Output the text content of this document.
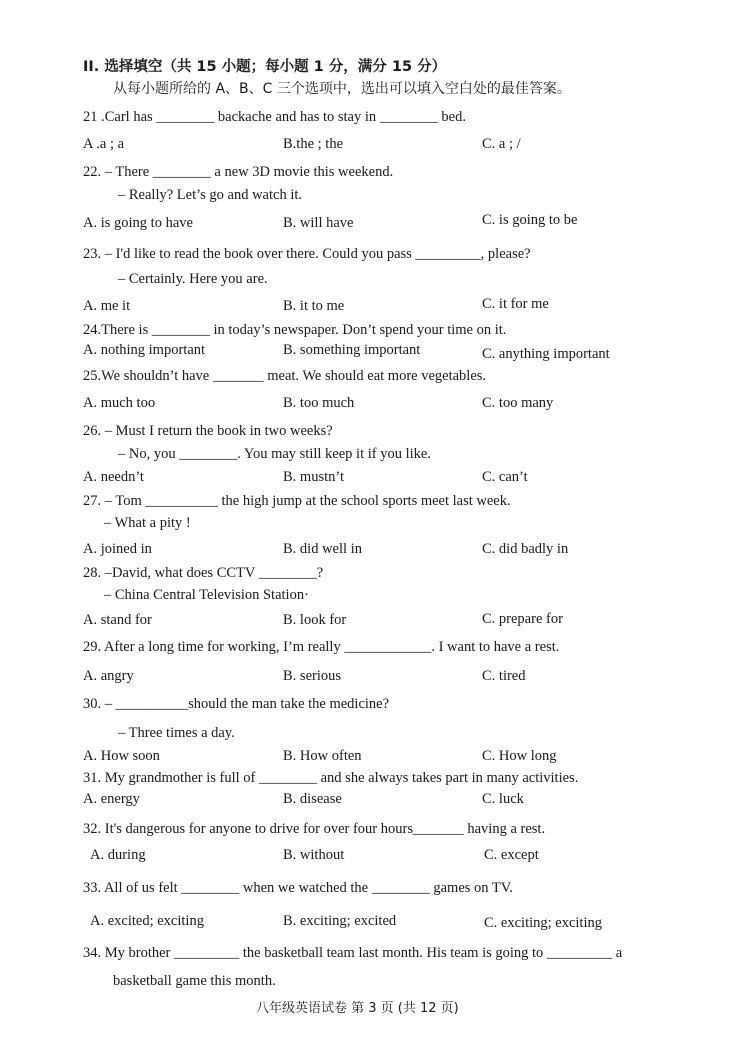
II. 选择填空（共 15 小题；每小题 1 分，满分 15 分）
从每小题所给的 A、B、C 三个选项中，选出可以填入空白处的最佳答案。
21 .Carl has ________ backache and has to stay in ________ bed.
A .a ; a	B.the ; the	C. a ; /
22. – There ________ a new 3D movie this weekend.
– Really? Let’s go and watch it.
A. is going to have	B. will have	C. is going to be
23. – I'd like to read the book over there. Could you pass _________, please?
– Certainly. Here you are.
A. me it	B. it to me	C. it for me
24.There is ________ in today’s newspaper. Don’t spend your time on it.
A. nothing important	B. something important	C. anything important
25.We shouldn’t have _______ meat. We should eat more vegetables.
A. much too	B. too much	C. too many
26. – Must I return the book in two weeks?
– No, you ________. You may still keep it if you like.
A. needn’t	B. mustn’t	C. can’t
27. – Tom __________ the high jump at the school sports meet last week.
– What a pity !
A. joined in	B. did well in	C. did badly in
28. –David, what does CCTV ________?
– China Central Television Station·
A. stand for	B. look for	C. prepare for
29. After a long time for working, I’m really ____________. I want to have a rest.
A. angry	B. serious	C. tired
30. – __________should the man take the medicine?
– Three times a day.
A. How soon	B. How often	C. How long
31. My grandmother is full of ________ and she always takes part in many activities.
A. energy	B. disease	C. luck
32. It's dangerous for anyone to drive for over four hours_______ having a rest.
A. during	B. without	C. except
33. All of us felt ________ when we watched the ________ games on TV.
A. excited; exciting	B. exciting; excited	C. exciting; exciting
34. My brother _________ the basketball team last month. His team is going to _________ a
basketball game this month.
八年级英语试卷 第 3 页 (共 12 页)
